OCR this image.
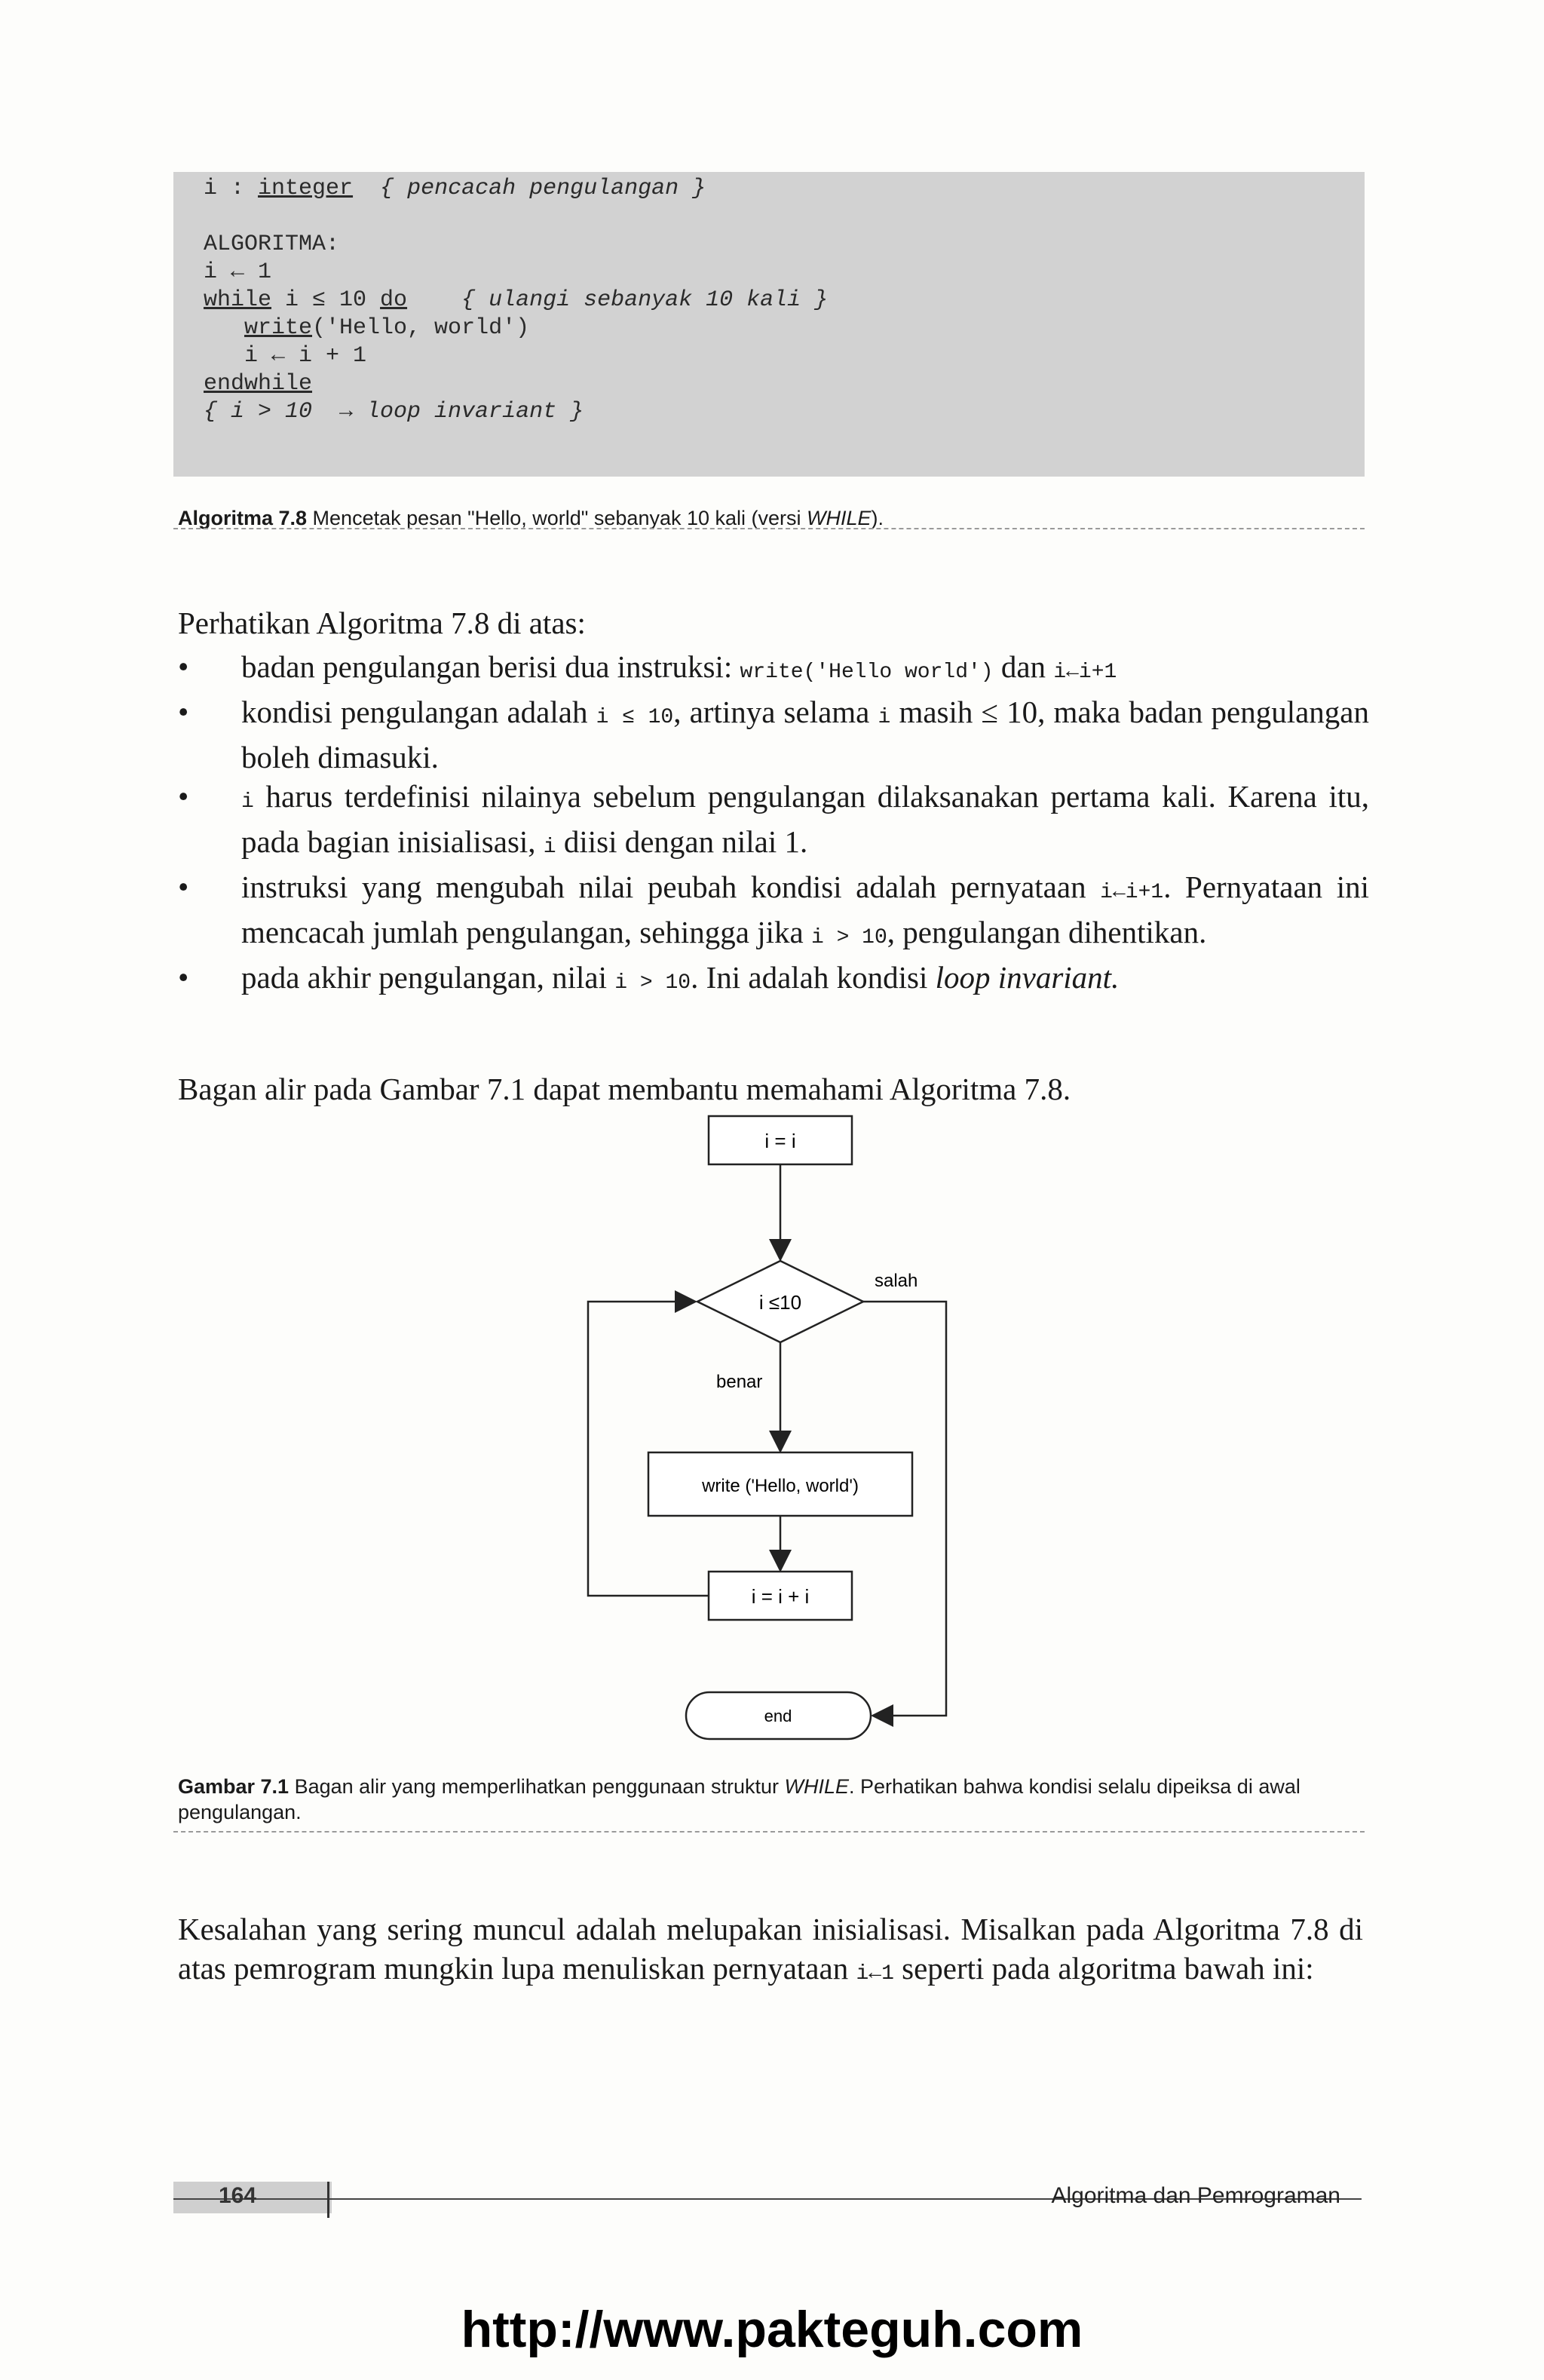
i : integer { pencacah pengulangan }

ALGORITMA:
i ← 1
while i ≤ 10 do { ulangi sebanyak 10 kali }
write('Hello, world')
i ← i + 1
endwhile
{ i > 10  → loop invariant }
Algoritma 7.8 Mencetak pesan "Hello, world" sebanyak 10 kali (versi WHILE).
Perhatikan Algoritma 7.8 di atas:
• badan pengulangan berisi dua instruksi: write('Hello world') dan i←i+1
• kondisi pengulangan adalah i ≤ 10, artinya selama i masih ≤ 10, maka badan pengulangan boleh dimasuki.
• i harus terdefinisi nilainya sebelum pengulangan dilaksanakan pertama kali. Karena itu, pada bagian inisialisasi, i diisi dengan nilai 1.
• instruksi yang mengubah nilai peubah kondisi adalah pernyataan i←i+1. Pernyataan ini mencacah jumlah pengulangan, sehingga jika i > 10, pengulangan dihentikan.
• pada akhir pengulangan, nilai i > 10. Ini adalah kondisi loop invariant.
Bagan alir pada Gambar 7.1 dapat membantu memahami Algoritma 7.8.
i = i
i ≤10
salah
benar
write ('Hello, world')
i = i + i
end
Gambar 7.1 Bagan alir yang memperlihatkan penggunaan struktur WHILE. Perhatikan bahwa kondisi selalu dipeiksa di awal pengulangan.
Kesalahan yang sering muncul adalah melupakan inisialisasi. Misalkan pada Algoritma 7.8 di atas pemrogram mungkin lupa menuliskan pernyataan i←1 seperti pada algoritma bawah ini:
164	Algoritma dan Pemrograman
http://www.pakteguh.com
